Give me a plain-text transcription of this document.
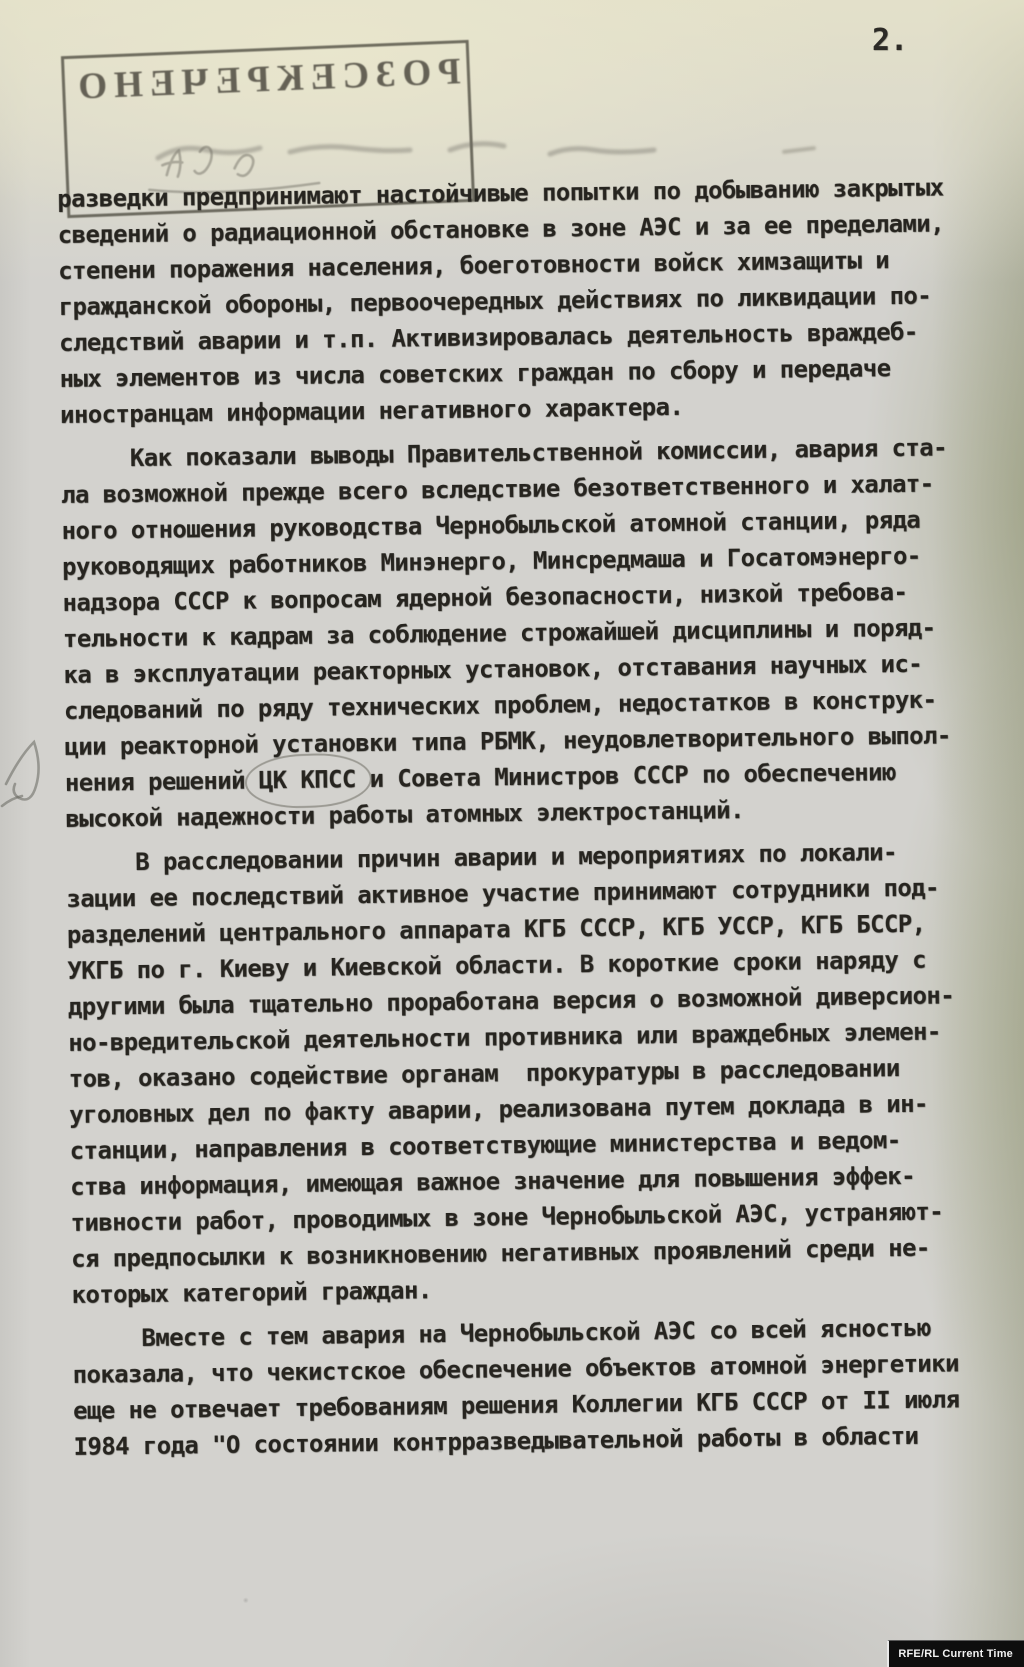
2.
РОЗСЕКРЕЧЕНО
разведки предпринимают настойчивые попытки по добыванию закрытых
сведений о радиационной обстановке в зоне АЭС и за ее пределами,
степени поражения населения, боеготовности войск химзащиты и
гражданской обороны, первоочередных действиях по ликвидации по-
следствий аварии и т.п. Активизировалась деятельность враждеб-
ных элементов из числа советских граждан по сбору и передаче
иностранцам информации негативного характера.
Как показали выводы Правительственной комиссии, авария ста-
ла возможной прежде всего вследствие безответственного и халат-
ного отношения руководства Чернобыльской атомной станции, ряда
руководящих работников Минэнерго, Минсредмаша и Госатомэнерго-
надзора СССР к вопросам ядерной безопасности, низкой требова-
тельности к кадрам за соблюдение строжайшей дисциплины и поряд-
ка в эксплуатации реакторных установок, отставания научных ис-
следований по ряду технических проблем, недостатков в конструк-
ции реакторной установки типа РБМК, неудовлетворительного выпол-
нения решений
ЦК КПСС и Совета Министров СССР по обеспечению
высокой надежности работы атомных электростанций.
В расследовании причин аварии и мероприятиях по локали-
зации ее последствий активное участие принимают сотрудники под-
разделений центрального аппарата КГБ СССР, КГБ УССР, КГБ БССР,
УКГБ по г. Киеву и Киевской области. В короткие сроки наряду с
другими была тщательно проработана версия о возможной диверсион-
но-вредительской деятельности противника или враждебных элемен-
тов, оказано содействие органам  прокуратуры в расследовании
уголовных дел по факту аварии, реализована путем доклада в ин-
станции, направления в соответствующие министерства и ведом-
ства информация, имеющая важное значение для повышения эффек-
тивности работ, проводимых в зоне Чернобыльской АЭС, устраняют-
ся предпосылки к возникновению негативных проявлений среди не-
которых категорий граждан.
Вместе с тем авария на Чернобыльской АЭС со всей ясностью
показала, что чекистское обеспечение объектов атомной энергетики
еще не отвечает требованиям решения Коллегии КГБ СССР от II июля
I984 года "О состоянии контрразведывательной работы в области
RFE/RL Current Time
